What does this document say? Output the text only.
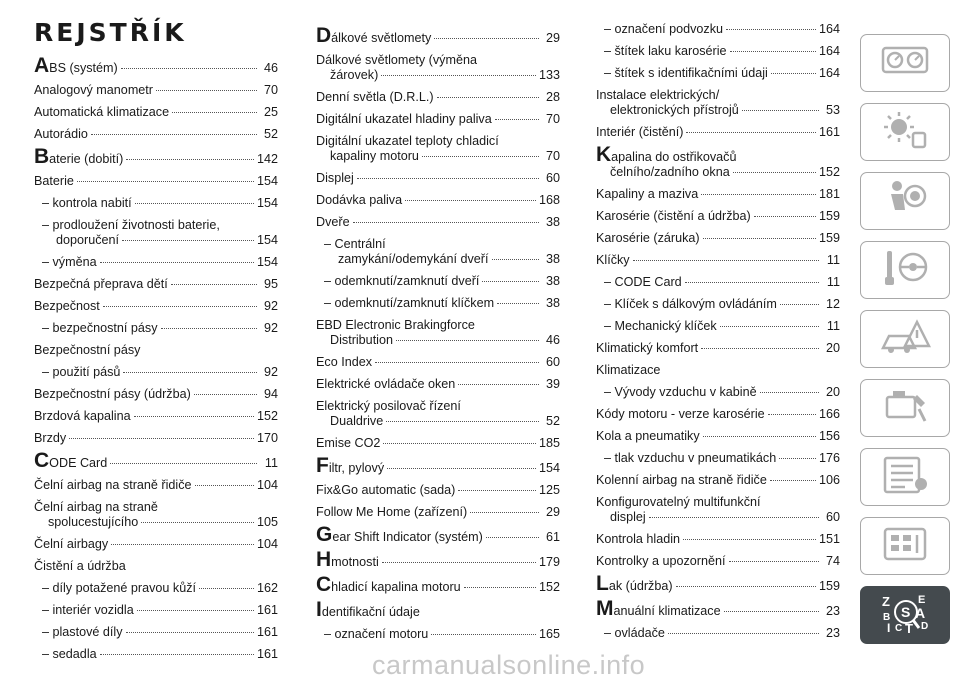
REJSTŘÍK
ABS (systém)	46
Analogový manometr	70
Automatická klimatizace	25
Autorádio	52
Baterie (dobití)	142
Baterie	154
– kontrola nabití	154
– prodloužení životnosti baterie,
doporučení	154
– výměna	154
Bezpečná přeprava dětí	95
Bezpečnost	92
– bezpečnostní pásy	92
Bezpečnostní pásy
– použití pásů	92
Bezpečnostní pásy (údržba)	94
Brzdová kapalina	152
Brzdy	170
CODE Card	11
Čelní airbag na straně řidiče	104
Čelní airbag na straně
spolucestujícího	105
Čelní airbagy	104
Čistění a údržba
– díly potažené pravou kůží	162
– interiér vozidla	161
– plastové díly	161
– sedadla	161
Dálkové světlomety	29
Dálkové světlomety (výměna
žárovek)	133
Denní světla (D.R.L.)	28
Digitální ukazatel hladiny paliva	70
Digitální ukazatel teploty chladicí
kapaliny motoru	70
Displej	60
Dodávka paliva	168
Dveře	38
– Centrální
zamykání/odemykání dveří	38
– odemknutí/zamknutí dveří	38
– odemknutí/zamknutí klíčkem	38
EBD Electronic Brakingforce
Distribution	46
Eco Index	60
Elektrické ovládače oken	39
Elektrický posilovač řízení
Dualdrive	52
Emise CO2	185
Filtr, pylový	154
Fix&Go automatic (sada)	125
Follow Me Home (zařízení)	29
Gear Shift Indicator (systém)	61
Hmotnosti	179
Chladicí kapalina motoru	152
Identifikační údaje
– označení motoru	165
– označení podvozku	164
– štítek laku karosérie	164
– štítek s identifikačními údaji	164
Instalace elektrických/
elektronických přístrojů	53
Interiér (čistění)	161
Kapalina do ostřikovačů
čelního/zadního okna	152
Kapaliny a maziva	181
Karosérie (čistění a údržba)	159
Karosérie (záruka)	159
Klíčky	11
– CODE Card	11
– Klíček s dálkovým ovládáním	12
– Mechanický klíček	11
Klimatický komfort	20
Klimatizace
– Vývody vzduchu v kabině	20
Kódy motoru - verze karosérie	166
Kola a pneumatiky	156
– tlak vzduchu v pneumatikách	176
Kolenní airbag na straně řidiče	106
Konfigurovatelný multifunkční
displej	60
Kontrola hladin	151
Kontrolky a upozornění	74
Lak (údržba)	159
Manuální klimatizace	23
– ovládače	23
Z	E
B S A
I C D
T
carmanualsonline.info
